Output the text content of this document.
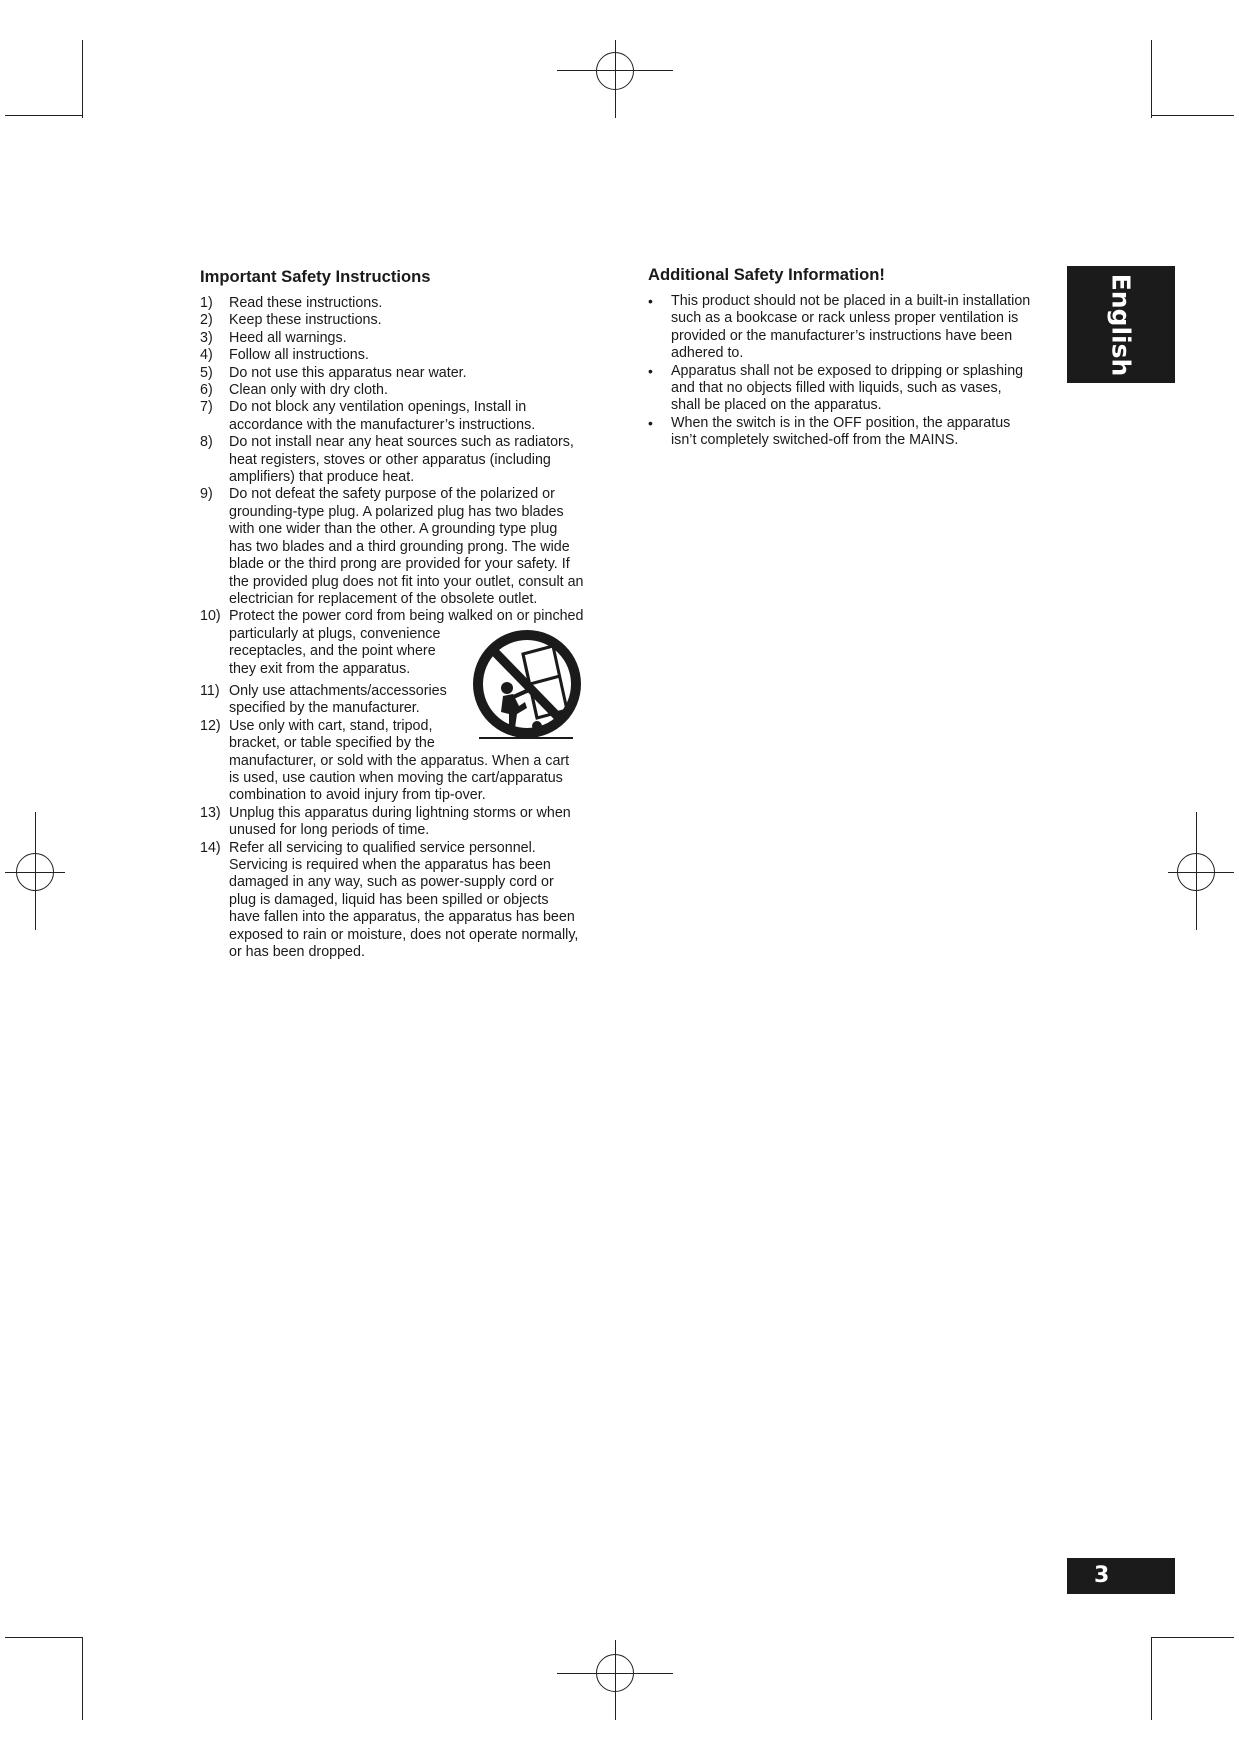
Important Safety Instructions
1)	Read these instructions.
2)	Keep these instructions.
3)	Heed all warnings.
4)	Follow all instructions.
5)	Do not use this apparatus near water.
6)	Clean only with dry cloth.
7)	Do not block any ventilation openings, Install in
accordance with the manufacturer’s instructions.
8)	Do not install near any heat sources such as radiators,
heat registers, stoves or other apparatus (including
amplifiers) that produce heat.
9)	Do not defeat the safety purpose of the polarized or
grounding-type plug. A polarized plug has two blades
with one wider than the other. A grounding type plug
has two blades and a third grounding prong. The wide
blade or the third prong are provided for your safety. If
the provided plug does not fit into your outlet, consult an
electrician for replacement of the obsolete outlet.
10) Protect the power cord from being walked on or pinched
particularly at plugs, convenience
receptacles, and the point where
they exit from the apparatus.
11) Only use attachments/accessories
specified by the manufacturer.
12) Use only with cart, stand, tripod,
bracket, or table specified by the
manufacturer, or sold with the apparatus. When a cart
is used, use caution when moving the cart/apparatus
combination to avoid injury from tip-over.
13) Unplug this apparatus during lightning storms or when
unused for long periods of time.
14) Refer all servicing to qualified service personnel.
Servicing is required when the apparatus has been
damaged in any way, such as power-supply cord or
plug is damaged, liquid has been spilled or objects
have fallen into the apparatus, the apparatus has been
exposed to rain or moisture, does not operate normally,
or has been dropped.
Additional Safety Information!
•	This product should not be placed in a built-in installation
such as a bookcase or rack unless proper ventilation is
provided or the manufacturer’s instructions have been
adhered to.
•	Apparatus shall not be exposed to dripping or splashing
and that no objects filled with liquids, such as vases,
shall be placed on the apparatus.
•	When the switch is in the OFF position, the apparatus
isn’t completely switched-off from the MAINS.
English
3
